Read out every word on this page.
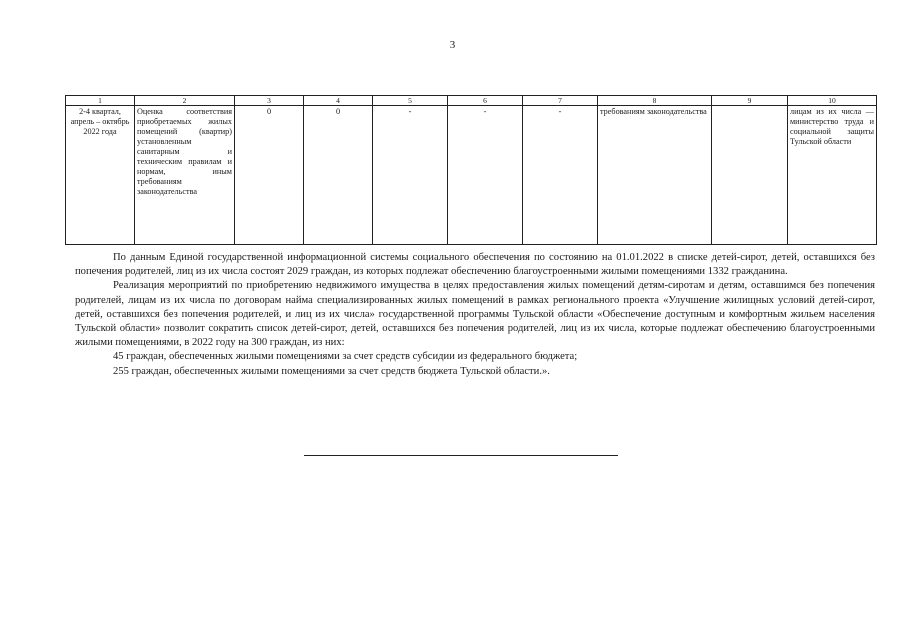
3
1	2	3	4	5	6	7	8	9	10
2-4 квартал, апрель – октябрь 2022 года	Оценка соответствия приобретаемых жилых помещений (квартир) установленным санитарным и техническим правилам и нормам, иным требованиям законодательства	0	0	-	-	-	требованиям законодательства		лицам из их числа — министерство труда и социальной защиты Тульской области

По данным Единой государственной информационной системы социального обеспечения по состоянию на 01.01.2022 в списке детей-сирот, детей, оставшихся без попечения родителей, лиц из их числа состоят 2029 граждан, из которых подлежат обеспечению благоустроенными жилыми помещениями 1332 гражданина.

Реализация мероприятий по приобретению недвижимого имущества в целях предоставления жилых помещений детям-сиротам и детям, оставшимся без попечения родителей, лицам из их числа по договорам найма специализированных жилых помещений в рамках регионального проекта «Улучшение жилищных условий детей-сирот, детей, оставшихся без попечения родителей, и лиц из их числа» государственной программы Тульской области «Обеспечение доступным и комфортным жильем населения Тульской области» позволит сократить список детей-сирот, детей, оставшихся без попечения родителей, лиц из их числа, которые подлежат обеспечению благоустроенными жилыми помещениями, в 2022 году на 300 граждан, из них:

45 граждан, обеспеченных жилыми помещениями за счет средств субсидии из федерального бюджета;

255 граждан, обеспеченных жилыми помещениями за счет средств бюджета Тульской области.».
